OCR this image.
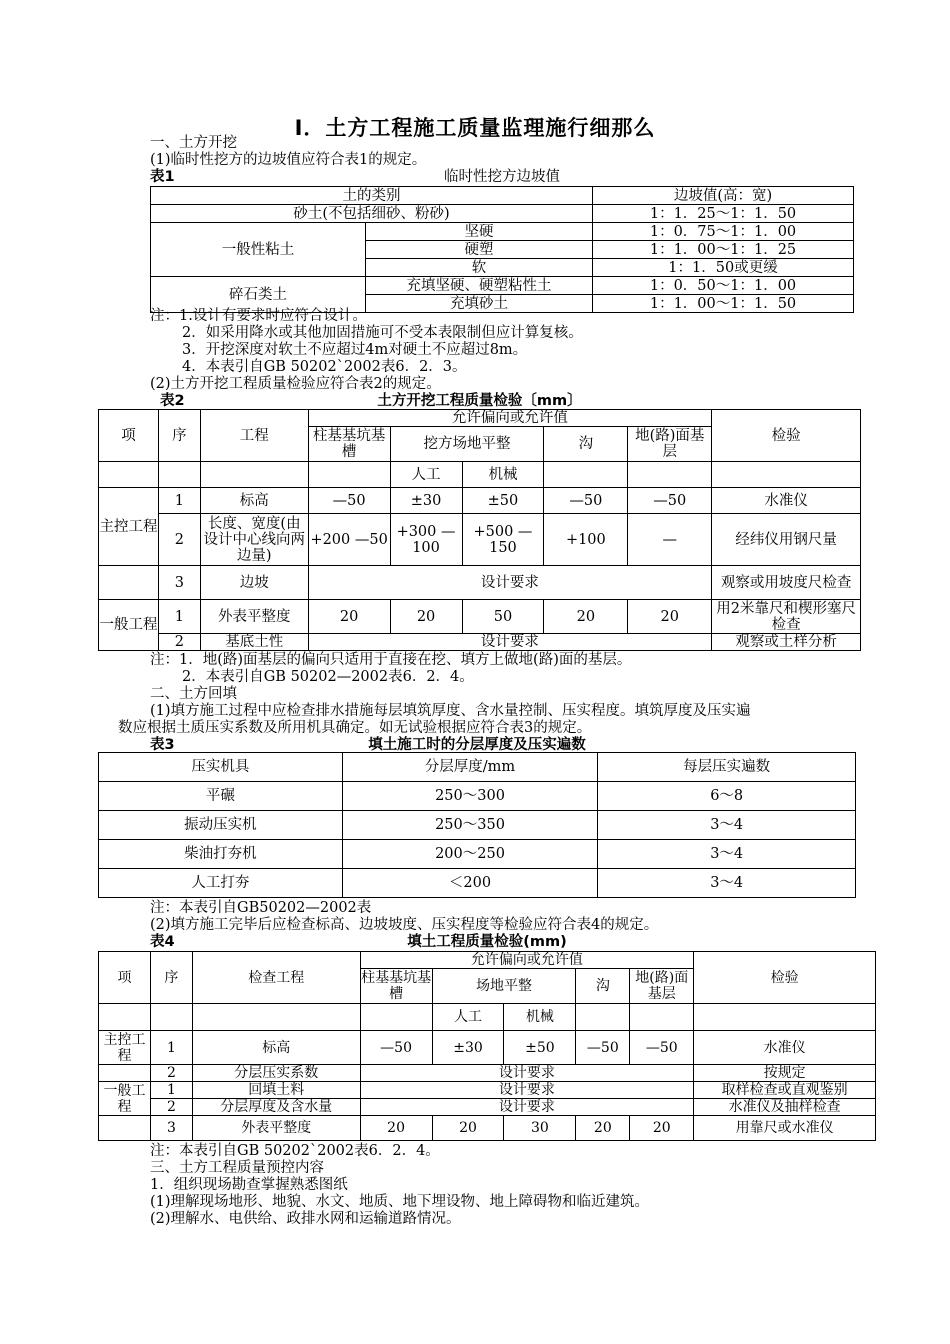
I．土方工程施工质量监理施行细那么
一、土方开挖
(1)临时性挖方的边坡值应符合表1的规定。
表1	临时性挖方边坡值
土的类别		边坡值(高：宽)
砂土(不包括细砂、粉砂)		1：1．25～1：1．50
一般性粘土	坚硬	1：0．75～1：1．00
	硬塑	1：1．00～1：1．25
	软	1：1．50或更缓
碎石类土	充填坚硬、硬塑粘性土	1：0．50～1：1．00
	充填砂土	1：1．00～1：1．50
注：1.设计有要求时应符合设计。
2．如采用降水或其他加固措施可不受本表限制但应计算复核。
3．开挖深度对软土不应超过4m对硬土不应超过8m。
4．本表引自GB 50202`2002表6．2．3。
(2)土方开挖工程质量检验应符合表2的规定。
表2	土方开挖工程质量检验〔mm〕
项	序	工程	允许偏向或允许值					检验
			柱基基坑基槽	挖方场地平整		沟	地(路)面基层	
				人工	机械			
主控工程	1	标高	—50	±30	±50	—50	—50	水准仪
	2	长度、宽度(由设计中心线向两边量)	+200 —50	+300 —100	+500 —150	+100	—	经纬仪用钢尺量
	3	边坡	设计要求					观察或用坡度尺检查
一般工程	1	外表平整度	20	20	50	20	20	用2米靠尺和楔形塞尺检查
	2	基底土性	设计要求					观察或土样分析
注：1．地(路)面基层的偏向只适用于直接在挖、填方上做地(路)面的基层。
2．本表引自GB 50202—2002表6．2．4。
二、土方回填
(1)填方施工过程中应检查排水措施每层填筑厚度、含水量控制、压实程度。填筑厚度及压实遍
数应根据土质压实系数及所用机具确定。如无试验根据应符合表3的规定。
表3	填土施工时的分层厚度及压实遍数
压实机具	分层厚度/mm	每层压实遍数
平碾	250～300	6～8
振动压实机	250～350	3～4
柴油打夯机	200～250	3～4
人工打夯	＜200	3～4
注：本表引自GB50202—2002表
(2)填方施工完毕后应检查标高、边坡坡度、压实程度等检验应符合表4的规定。
表4	填土工程质量检验(mm)
项	序	检查工程	允许偏向或允许值					检验
			柱基基坑基槽	场地平整		沟	地(路)面基层	
				人工	机械			
主控工程	1	标高	—50	±30	±50	—50	—50	水准仪
	2	分层压实系数	设计要求					按规定
一般工程	1	回填土料	设计要求					取样检查或直观鉴别
	2	分层厚度及含水量	设计要求					水准仪及抽样检查
	3	外表平整度	20	20	30	20	20	用靠尺或水准仪
注：本表引自GB 50202`2002表6．2．4。
三、土方工程质量预控内容
1．组织现场勘查掌握熟悉图纸
(1)理解现场地形、地貌、水文、地质、地下埋设物、地上障碍物和临近建筑。
(2)理解水、电供给、政排水网和运输道路情况。
